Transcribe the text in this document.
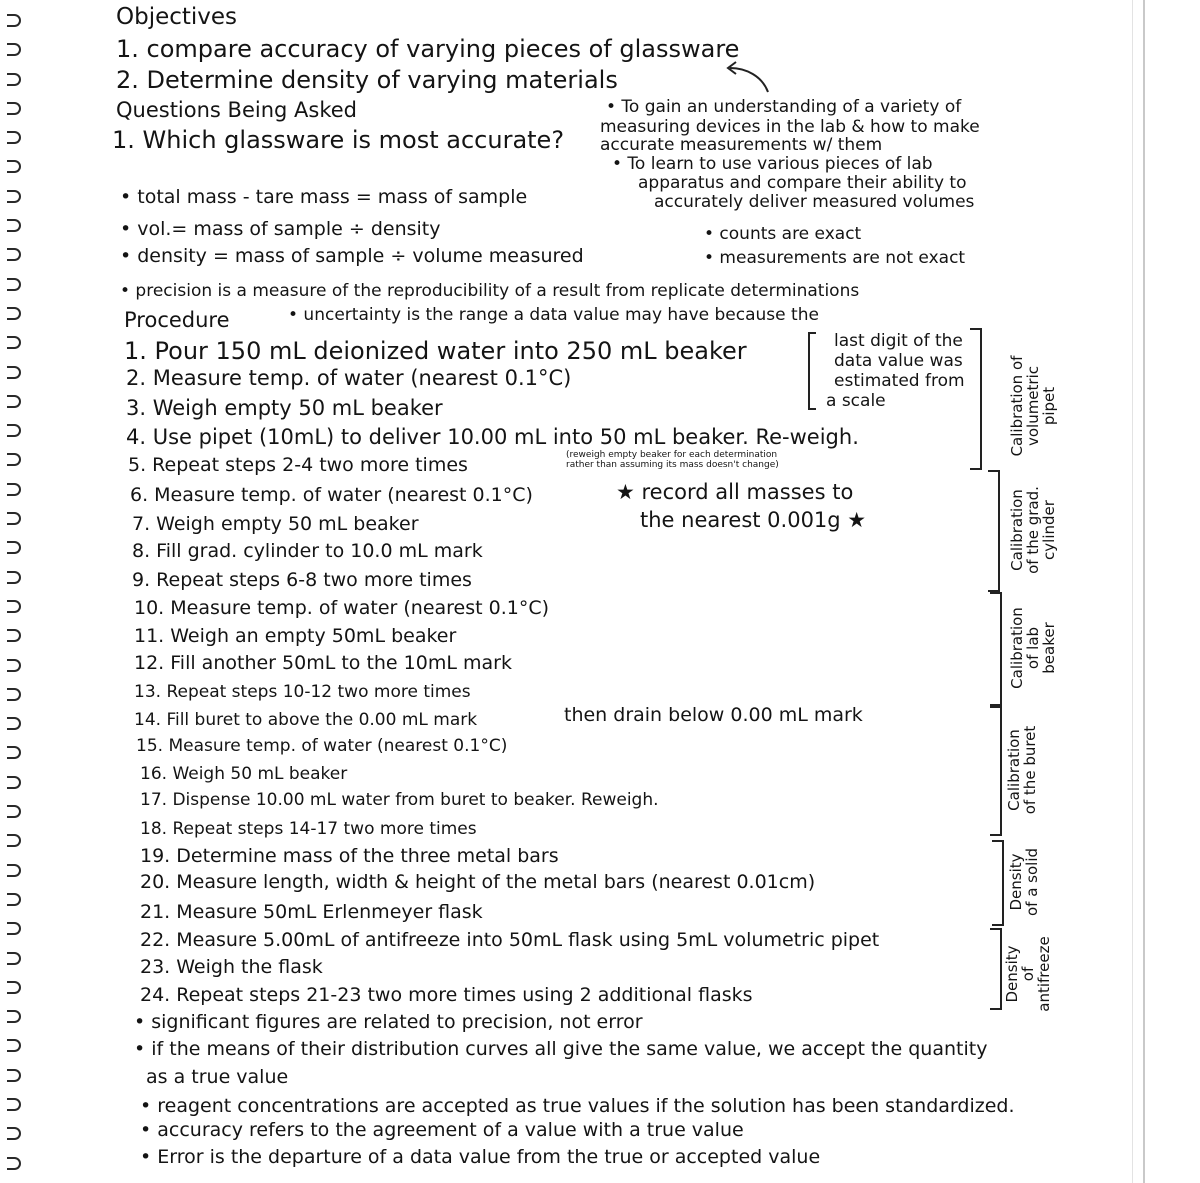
Objectives
1. compare accuracy of varying pieces of glassware
2. Determine density of varying materials
Questions Being Asked
1. Which glassware is most accurate?
• To gain an understanding of a variety of
measuring devices in the lab & how to make
accurate measurements w/ them
• To learn to use various pieces of lab
apparatus and compare their ability to
accurately deliver measured volumes
• total mass - tare mass = mass of sample
• vol.= mass of sample ÷ density
• density = mass of sample ÷ volume measured
• precision is a measure of the reproducibility of a result from replicate determinations
• counts are exact
• measurements are not exact
Procedure	• uncertainty is the range a data value may have because the
last digit of the
data value was
estimated from
a scale
1. Pour 150 mL deionized water into 250 mL beaker
2. Measure temp. of water (nearest 0.1°C)
3. Weigh empty 50 mL beaker
4. Use pipet (10mL) to deliver 10.00 mL into 50 mL beaker. Re-weigh.
5. Repeat steps 2-4 two more times	(reweigh empty beaker for each determination
rather than assuming its mass doesn't change)
6. Measure temp. of water (nearest 0.1°C)	★ record all masses to
the nearest 0.001g ★
7. Weigh empty 50 mL beaker
8. Fill grad. cylinder to 10.0 mL mark
9. Repeat steps 6-8 two more times
10. Measure temp. of water (nearest 0.1°C)
11. Weigh an empty 50mL beaker
12. Fill another 50mL to the 10mL mark
13. Repeat steps 10-12 two more times
14. Fill buret to above the 0.00 mL mark	then drain below 0.00 mL mark
15. Measure temp. of water (nearest 0.1°C)
16. Weigh 50 mL beaker
17. Dispense 10.00 mL water from buret to beaker. Reweigh.
18. Repeat steps 14-17 two more times
19. Determine mass of the three metal bars
20. Measure length, width & height of the metal bars (nearest 0.01cm)
21. Measure 50mL Erlenmeyer flask
22. Measure 5.00mL of antifreeze into 50mL flask using 5mL volumetric pipet
23. Weigh the flask
24. Repeat steps 21-23 two more times using 2 additional flasks
Calibration of
volumetric
pipet
Calibration
of the grad.
cylinder
Calibration
of lab
beaker
Calibration
of the buret
Density
of a solid
Density
of
antifreeze
• significant figures are related to precision, not error
• if the means of their distribution curves all give the same value, we accept the quantity
as a true value
• reagent concentrations are accepted as true values if the solution has been standardized.
• accuracy refers to the agreement of a value with a true value
• Error is the departure of a data value from the true or accepted value
